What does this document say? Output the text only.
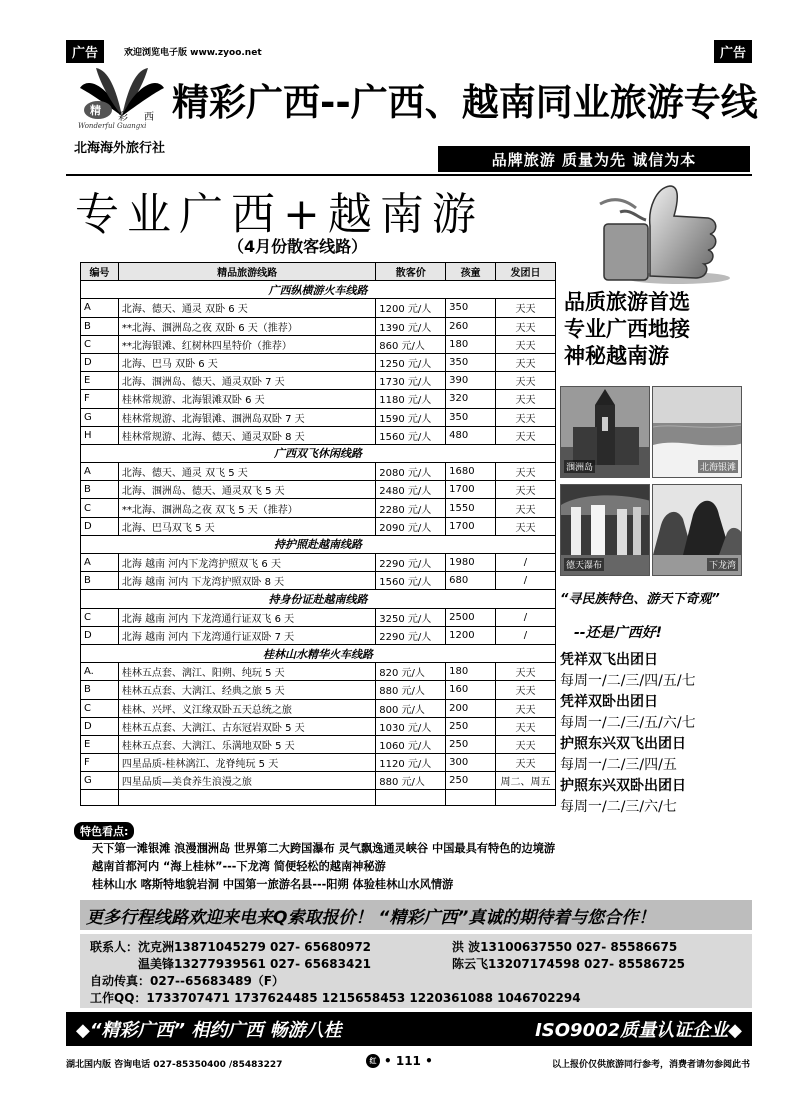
广告	欢迎浏览电子版 www.zyoo.net	广告
精
彩 西
Wonderful Guangxi
北海海外旅行社
精彩广西--广西、越南同业旅游专线
品牌旅游 质量为先 诚信为本
专业广西+越南游
（4月份散客线路）
编号	精品旅游线路	散客价	孩童	发团日
广西纵横游火车线路				
A	北海、德天、通灵 双卧 6 天	1200 元/人	350	天天
B	**北海、涠洲岛之夜 双卧 6 天（推荐）	1390 元/人	260	天天
C	**北海银滩、红树林四星特价（推荐）	860 元/人	180	天天
D	北海、巴马 双卧 6 天	1250 元/人	350	天天
E	北海、涠洲岛、德天、通灵双卧 7 天	1730 元/人	390	天天
F	桂林常规游、北海银滩双卧 6 天	1180 元/人	320	天天
G	桂林常规游、北海银滩、涠洲岛双卧 7 天	1590 元/人	350	天天
H	桂林常规游、北海、德天、通灵双卧 8 天	1560 元/人	480	天天
广西双飞休闲线路				
A	北海、德天、通灵 双飞 5 天	2080 元/人	1680	天天
B	北海、涠洲岛、德天、通灵双飞 5 天	2480 元/人	1700	天天
C	**北海、涠洲岛之夜 双飞 5 天（推荐）	2280 元/人	1550	天天
D	北海、巴马双飞 5 天	2090 元/人	1700	天天
持护照赴越南线路				
A	北海 越南 河内下龙湾护照双飞 6 天	2290 元/人	1980	/
B	北海 越南 河内 下龙湾护照双卧 8 天	1560 元/人	680	/
持身份证赴越南线路				
C	北海 越南 河内 下龙湾通行证双飞 6 天	3250 元/人	2500	/
D	北海 越南 河内 下龙湾通行证双卧 7 天	2290 元/人	1200	/
桂林山水精华火车线路				
A.	桂林五点套、漓江、阳朔、纯玩 5 天	820 元/人	180	天天
B	桂林五点套、大漓江、经典之旅 5 天	880 元/人	160	天天
C	桂林、兴坪、义江缘双卧五天总统之旅	800 元/人	200	天天
D	桂林五点套、大漓江、古东冠岩双卧 5 天	1030 元/人	250	天天
E	桂林五点套、大漓江、乐满地双卧 5 天	1060 元/人	250	天天
F	四星品质-桂林漓江、龙脊纯玩 5 天	1120 元/人	300	天天
G	四星品质—美食养生浪漫之旅	880 元/人	250	周二、周五

品质旅游首选
专业广西地接
神秘越南游
涠洲岛	北海银滩
德天瀑布	下龙湾
“寻民族特色、游天下奇观”
--还是广西好!
凭祥双飞出团日
每周一/二/三/四/五/七
凭祥双卧出团日
每周一/二/三/五/六/七
护照东兴双飞出团日
每周一/二/三/四/五
护照东兴双卧出团日
每周一/二/三/六/七
特色看点:
天下第一滩银滩 浪漫涠洲岛 世界第二大跨国瀑布 灵气飘逸通灵峡谷 中国最具有特色的边境游
越南首都河内 “海上桂林”---下龙湾 简便轻松的越南神秘游
桂林山水 喀斯特地貌岩洞 中国第一旅游名县---阳朔 体验桂林山水风情游
更多行程线路欢迎来电来Q索取报价！ “精彩广西”真诚的期待着与您合作！
联系人：沈克洲13871045279 027- 65680972	洪 波13100637550 027- 85586675
温美锋13277939561 027- 65683421	陈云飞13207174598 027- 85586725
自动传真：027--65683489（F）
工作QQ：1733707471 1737624485 1215658453 1220361088 1046702294
◆“精彩广西” 相约广西 畅游八桂	ISO9002质量认证企业◆
湖北国内版 咨询电话 027-85350400 /85483227	红 • 111 •	以上报价仅供旅游同行参考，消费者请勿参阅此书
